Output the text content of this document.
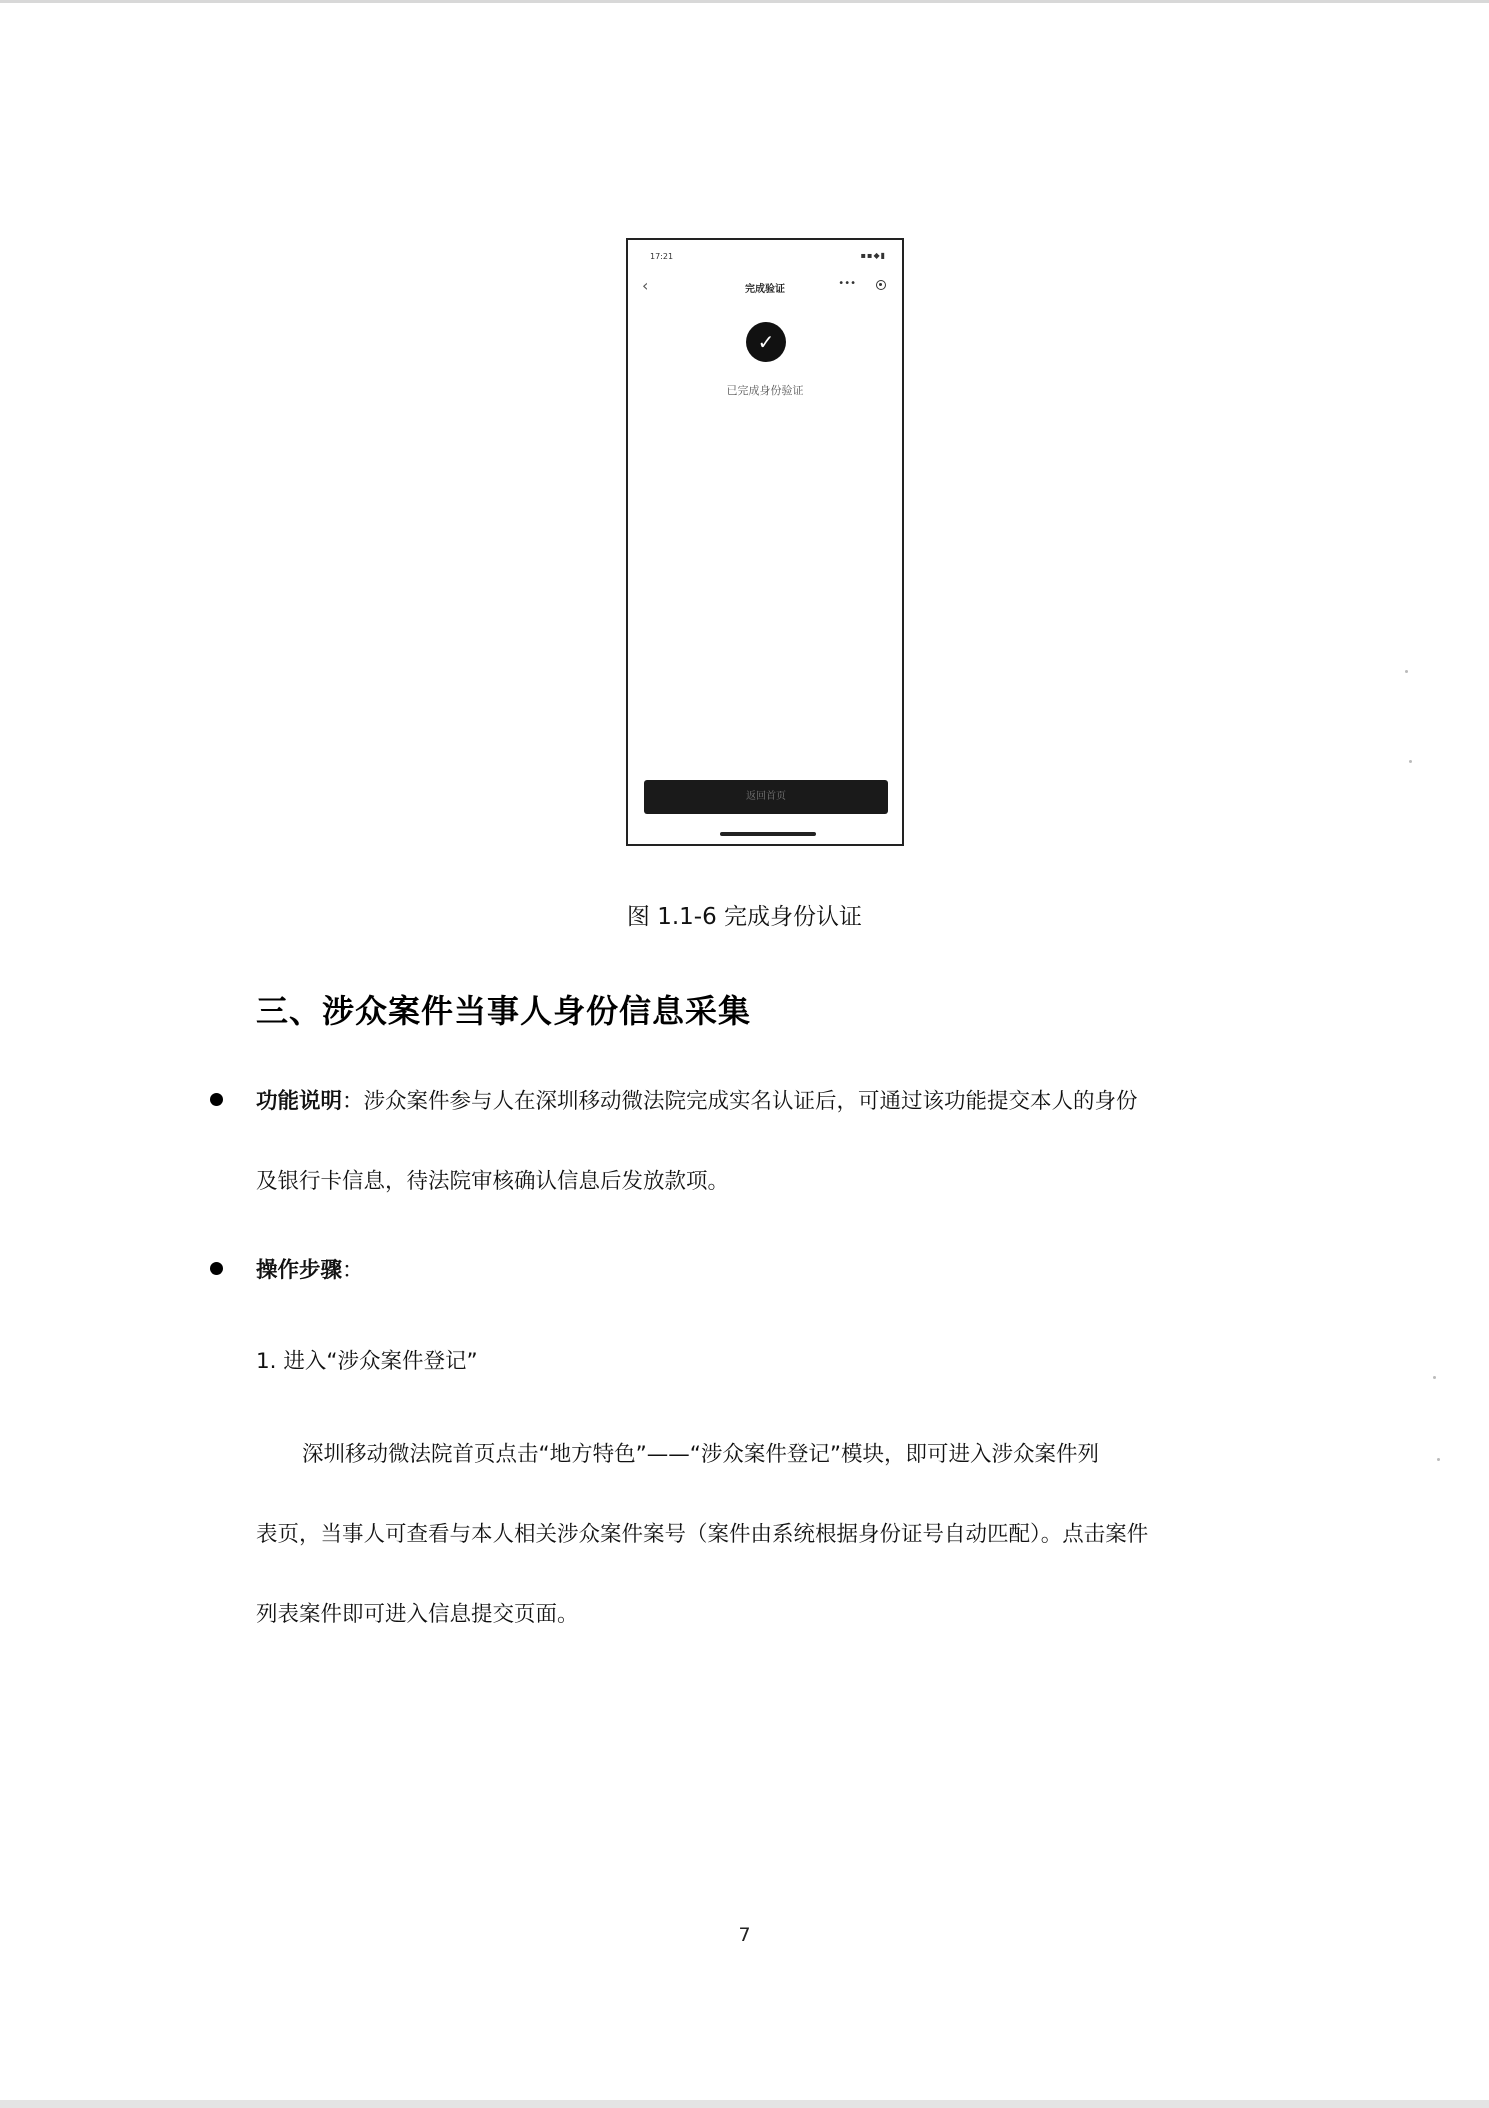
17:21	▪▪◆▮
‹	完成验证
•••
✓
已完成身份验证
返回首页
图 1.1-6 完成身份认证
三、涉众案件当事人身份信息采集
功能说明：涉众案件参与人在深圳移动微法院完成实名认证后，可通过该功能提交本人的身份
及银行卡信息，待法院审核确认信息后发放款项。
操作步骤：
1. 进入“涉众案件登记”
深圳移动微法院首页点击“地方特色”——“涉众案件登记”模块，即可进入涉众案件列
表页，当事人可查看与本人相关涉众案件案号（案件由系统根据身份证号自动匹配）。点击案件
列表案件即可进入信息提交页面。
7
